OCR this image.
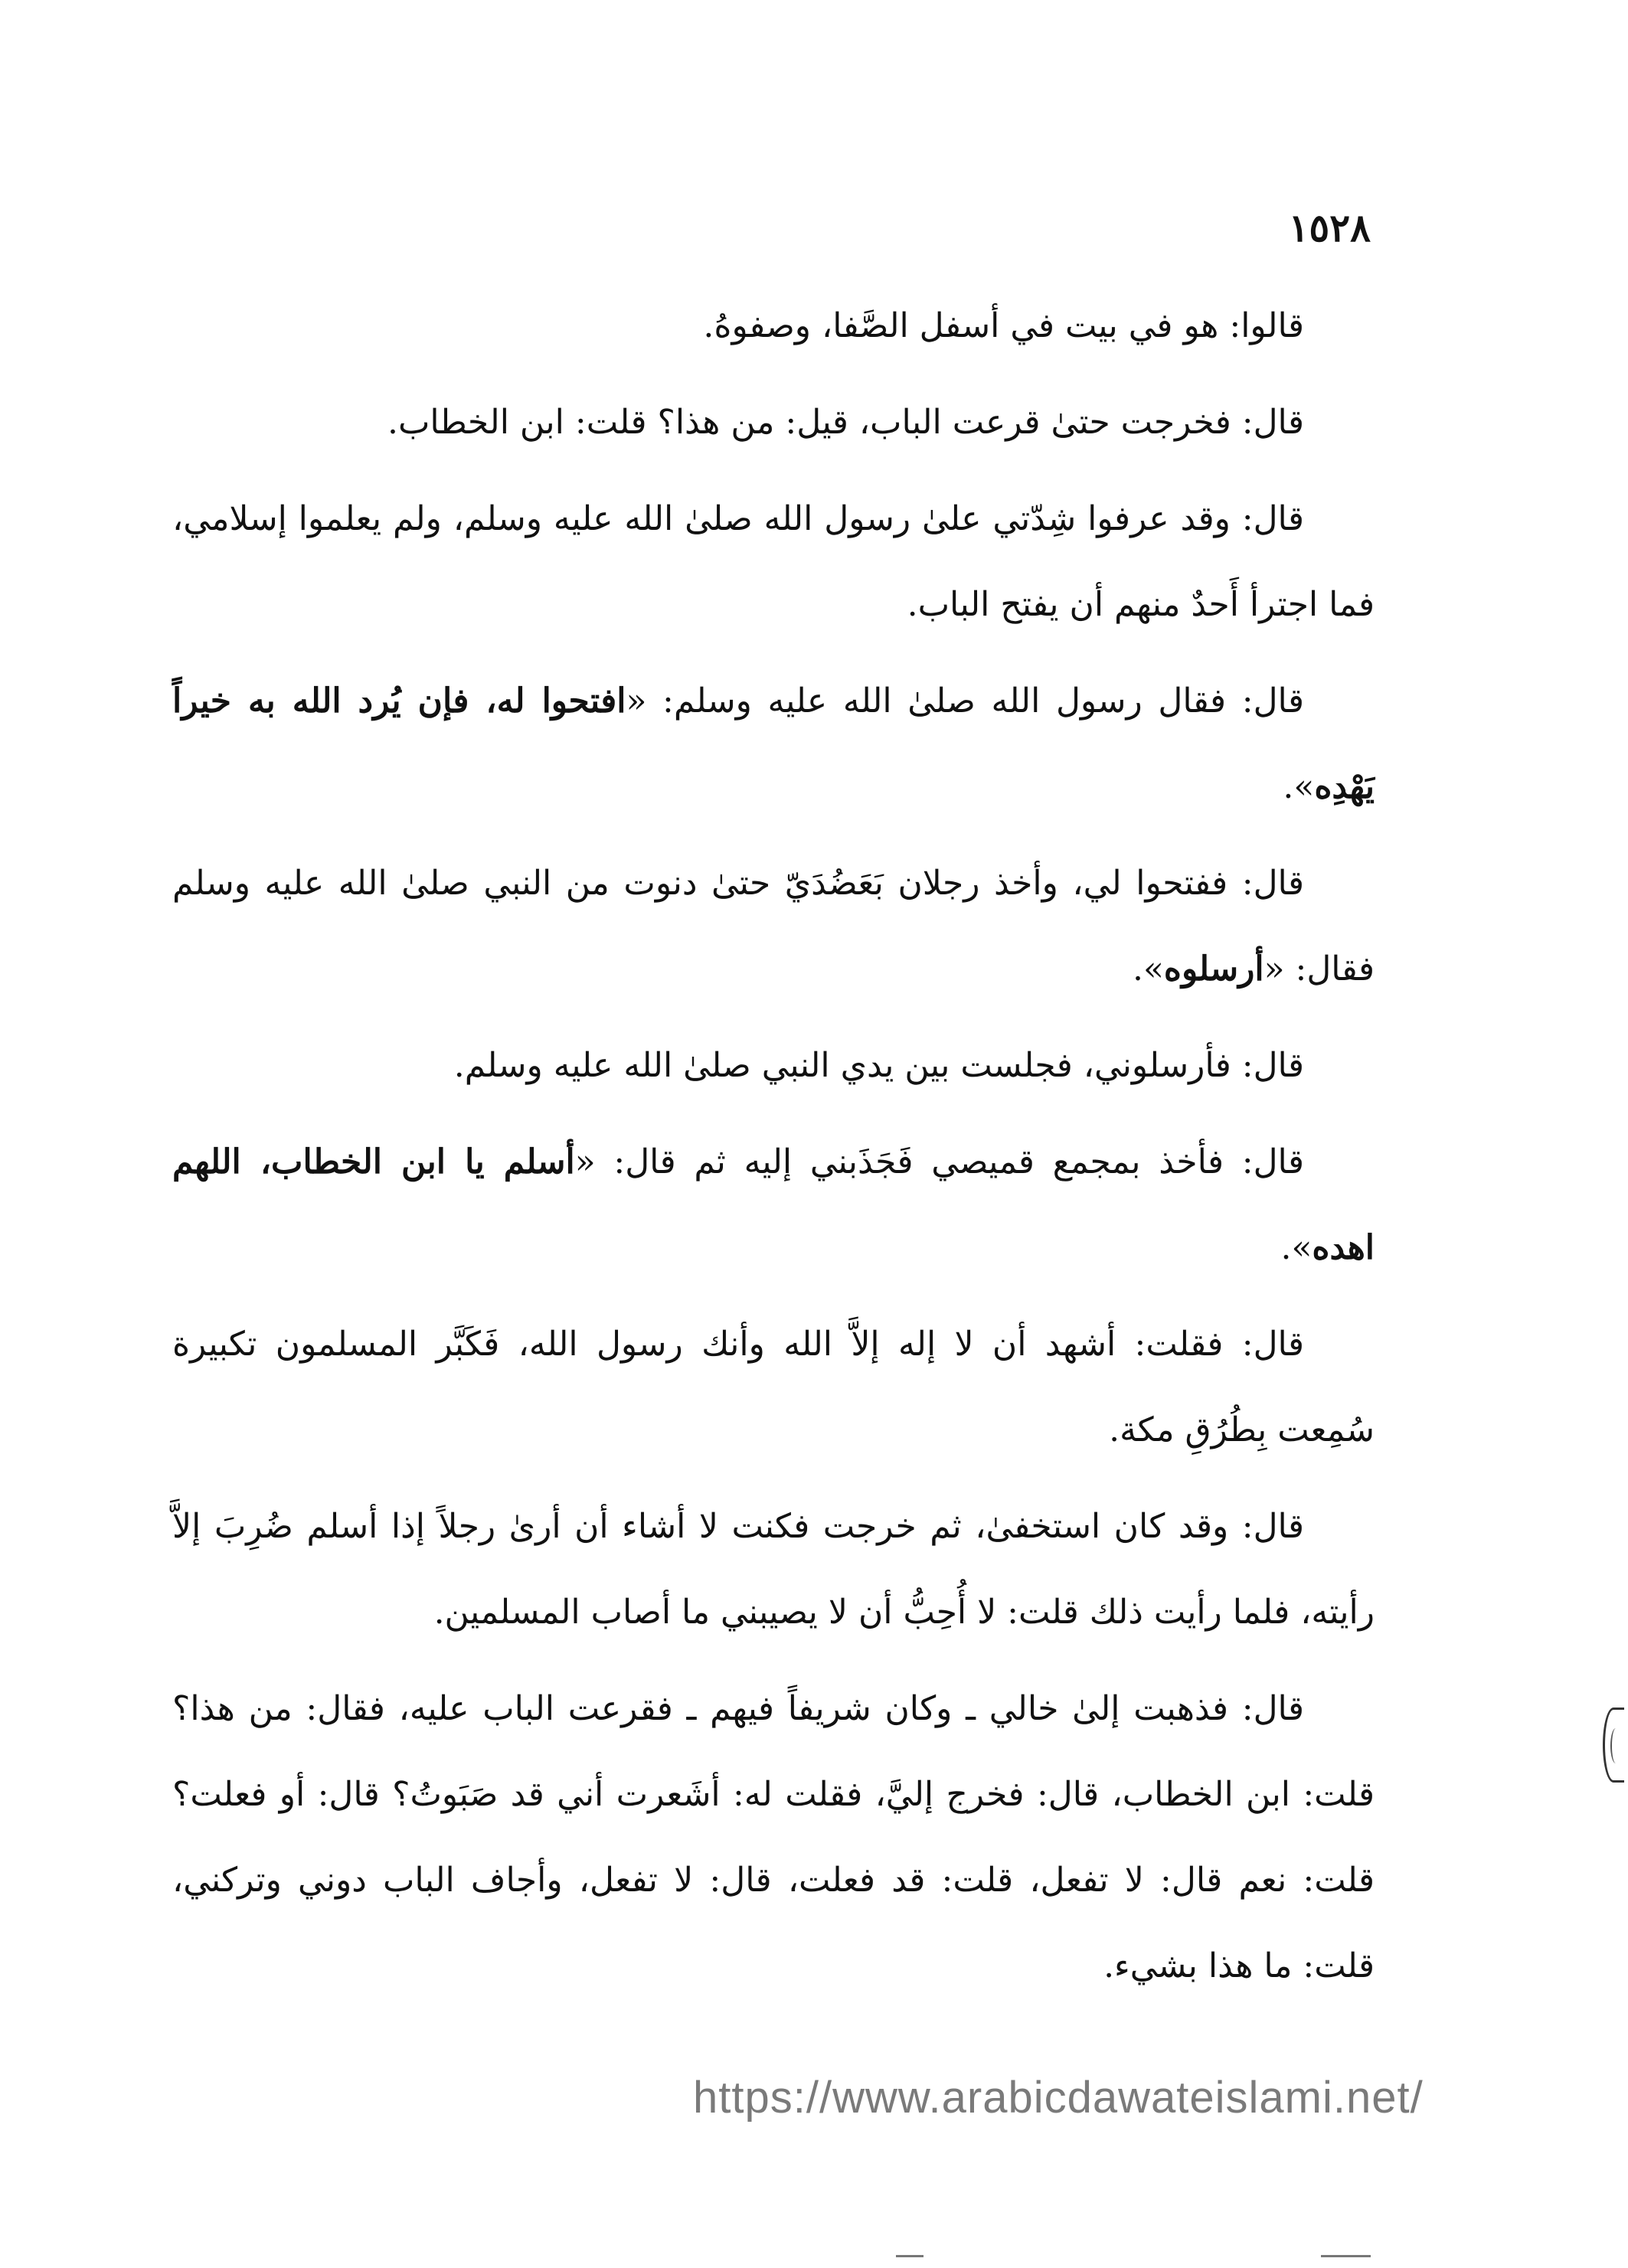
١٥٢٨

قالوا: هو في بيت في أسفل الصَّفا، وصفوهُ.

قال: فخرجت حتىٰ قرعت الباب، قيل: من هذا؟ قلت: ابن الخطاب.

قال: وقد عرفوا شِدّتي علىٰ رسول الله صلىٰ الله عليه وسلم، ولم يعلموا إسلامي، فما اجترأ أَحدٌ منهم أن يفتح الباب.

قال: فقال رسول الله صلىٰ الله عليه وسلم: «افتحوا له، فإن يُرد الله به خيراً يَهْدِه».

قال: ففتحوا لي، وأخذ رجلان بَعَضُدَيّ حتىٰ دنوت من النبي صلىٰ الله عليه وسلم فقال: «أرسلوه».

قال: فأرسلوني، فجلست بين يدي النبي صلىٰ الله عليه وسلم.

قال: فأخذ بمجمع قميصي فَجَذَبني إليه ثم قال: «أسلم يا ابن الخطاب، اللهم اهده».

قال: فقلت: أشهد أن لا إله إلاَّ الله وأنك رسول الله، فَكَبَّر المسلمون تكبيرة سُمِعت بِطُرُقِ مكة.

قال: وقد كان استخفىٰ، ثم خرجت فكنت لا أشاء أن أرىٰ رجلاً إذا أسلم ضُرِبَ إلاَّ رأيته، فلما رأيت ذلك قلت: لا أُحِبُّ أن لا يصيبني ما أصاب المسلمين.

قال: فذهبت إلىٰ خالي ـ وكان شريفاً فيهم ـ فقرعت الباب عليه، فقال: من هذا؟ قلت: ابن الخطاب، قال: فخرج إليَّ، فقلت له: أشَعرت أني قد صَبَوتُ؟ قال: أو فعلت؟ قلت: نعم قال: لا تفعل، قلت: قد فعلت، قال: لا تفعل، وأجاف الباب دوني وتركني، قلت: ما هذا بشيء.

https://www.arabicdawateislami.net/
